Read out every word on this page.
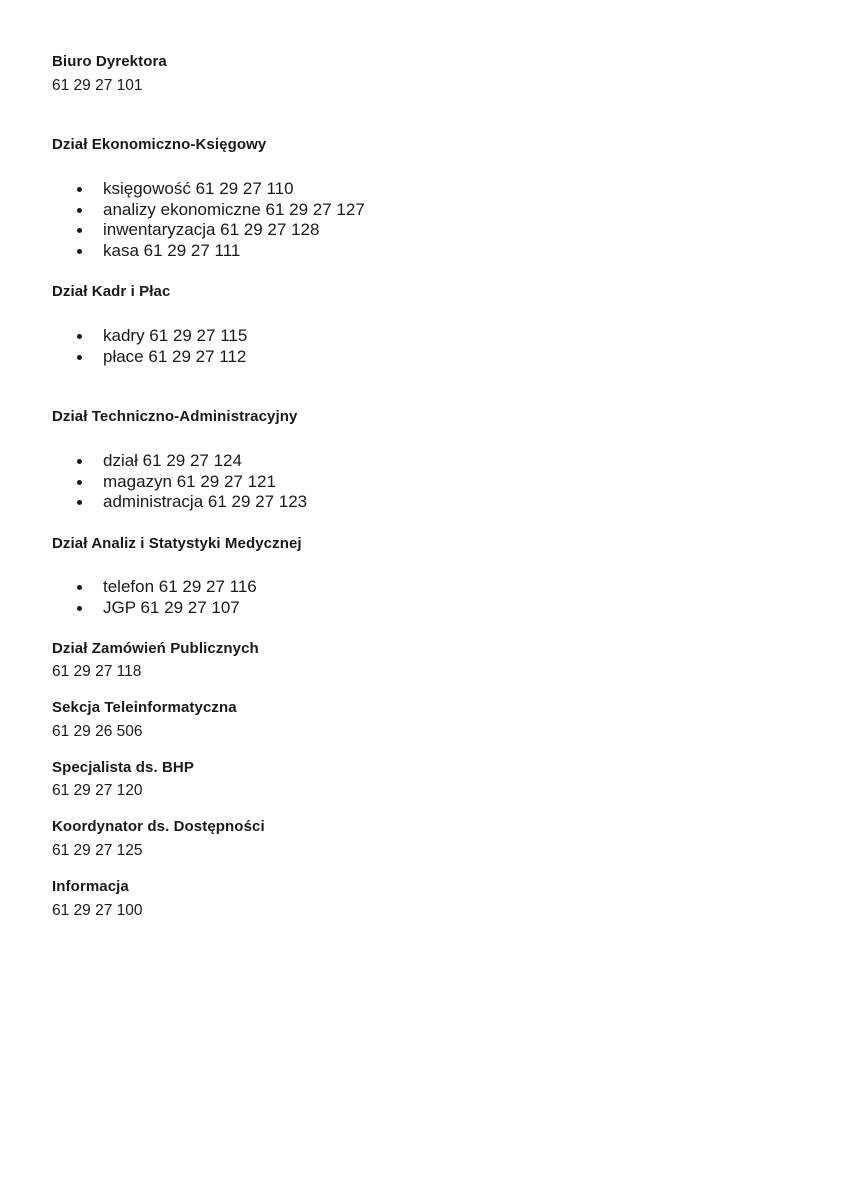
Biuro Dyrektora
61 29 27 101
Dział Ekonomiczno-Księgowy
księgowość 61 29 27 110
analizy ekonomiczne 61 29 27 127
inwentaryzacja 61 29 27 128
kasa 61 29 27 111
Dział Kadr i Płac
kadry 61 29 27 115
płace 61 29 27 112
Dział Techniczno-Administracyjny
dział 61 29 27 124
magazyn 61 29 27 121
administracja 61 29 27 123
Dział Analiz i Statystyki Medycznej
telefon 61 29 27 116
JGP 61 29 27 107
Dział Zamówień Publicznych
61 29 27 118
Sekcja Teleinformatyczna
61 29 26 506
Specjalista ds. BHP
61 29 27 120
Koordynator ds. Dostępności
61 29 27 125
Informacja
61 29 27 100
